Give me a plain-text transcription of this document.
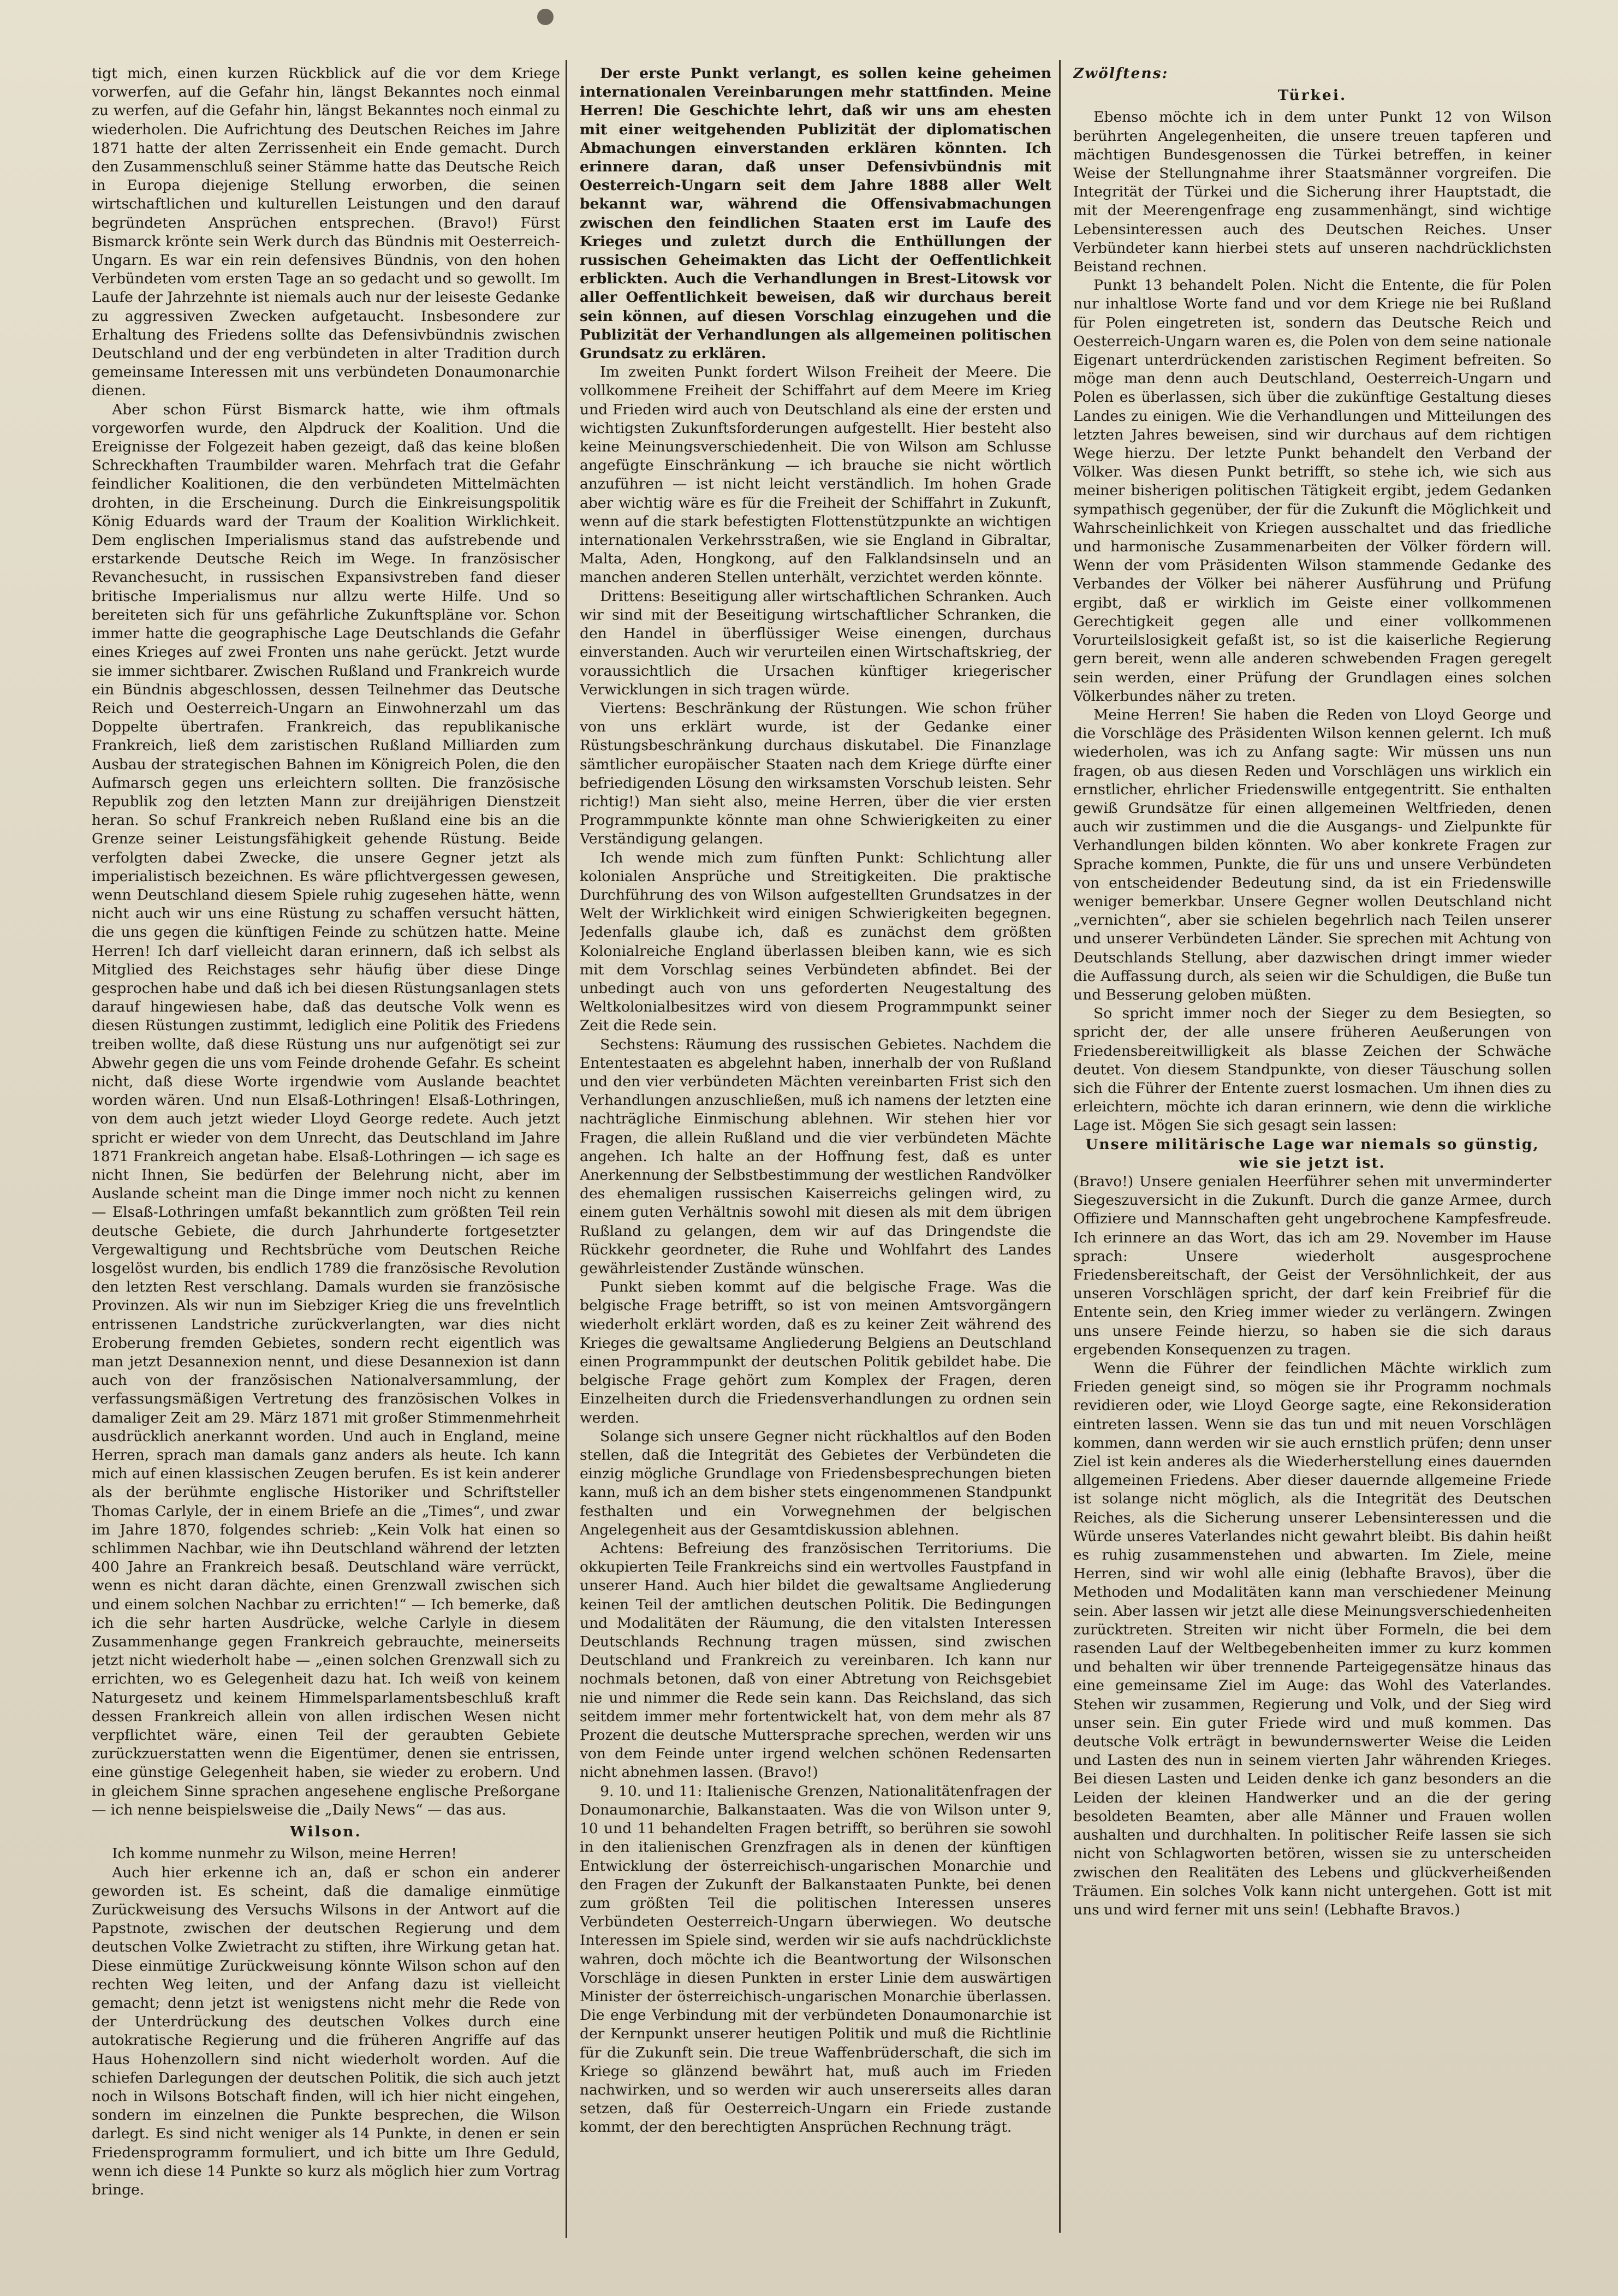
tigt mich, einen kurzen Rückblick auf die vor dem Kriege vorwerfen, auf die Gefahr hin, längst Bekanntes noch einmal zu werfen, auf die Gefahr hin, längst Bekanntes noch einmal zu wiederholen. Die Aufrichtung des Deutschen Reiches im Jahre 1871 hatte der alten Zerrissenheit ein Ende gemacht. Durch den Zusammenschluß seiner Stämme hatte das Deutsche Reich in Europa diejenige Stellung erworben, die seinen wirtschaftlichen und kulturellen Leistungen und den darauf begründeten Ansprüchen entsprechen. (Bravo!) Fürst Bismarck krönte sein Werk durch das Bündnis mit Oesterreich-Ungarn. Es war ein rein defensives Bündnis, von den hohen Verbündeten vom ersten Tage an so gedacht und so gewollt. Im Laufe der Jahrzehnte ist niemals auch nur der leiseste Gedanke zu aggressiven Zwecken aufgetaucht. Insbesondere zur Erhaltung des Friedens sollte das Defensivbündnis zwischen Deutschland und der eng verbündeten in alter Tradition durch gemeinsame Interessen mit uns verbündeten Donaumonarchie dienen.

Aber schon Fürst Bismarck hatte, wie ihm oftmals vorgeworfen wurde, den Alpdruck der Koalition. Und die Ereignisse der Folgezeit haben gezeigt, daß das keine bloßen Schreckhaften Traumbilder waren. Mehrfach trat die Gefahr feindlicher Koalitionen, die den verbündeten Mittelmächten drohten, in die Erscheinung. Durch die Einkreisungspolitik König Eduards ward der Traum der Koalition Wirklichkeit. Dem englischen Imperialismus stand das aufstrebende und erstarkende Deutsche Reich im Wege. In französischer Revanchesucht, in russischen Expansivstreben fand dieser britische Imperialismus nur allzu werte Hilfe. Und so bereiteten sich für uns gefährliche Zukunftspläne vor. Schon immer hatte die geographische Lage Deutschlands die Gefahr eines Krieges auf zwei Fronten uns nahe gerückt. Jetzt wurde sie immer sichtbarer. Zwischen Rußland und Frankreich wurde ein Bündnis abgeschlossen, dessen Teilnehmer das Deutsche Reich und Oesterreich-Ungarn an Einwohnerzahl um das Doppelte übertrafen. Frankreich, das republikanische Frankreich, ließ dem zaristischen Rußland Milliarden zum Ausbau der strategischen Bahnen im Königreich Polen, die den Aufmarsch gegen uns erleichtern sollten. Die französische Republik zog den letzten Mann zur dreijährigen Dienstzeit heran. So schuf Frankreich neben Rußland eine bis an die Grenze seiner Leistungsfähigkeit gehende Rüstung. Beide verfolgten dabei Zwecke, die unsere Gegner jetzt als imperialistisch bezeichnen. Es wäre pflichtvergessen gewesen, wenn Deutschland diesem Spiele ruhig zugesehen hätte, wenn nicht auch wir uns eine Rüstung zu schaffen versucht hätten, die uns gegen die künftigen Feinde zu schützen hatte. Meine Herren! Ich darf vielleicht daran erinnern, daß ich selbst als Mitglied des Reichstages sehr häufig über diese Dinge gesprochen habe und daß ich bei diesen Rüstungsanlagen stets darauf hingewiesen habe, daß das deutsche Volk wenn es diesen Rüstungen zustimmt, lediglich eine Politik des Friedens treiben wollte, daß diese Rüstung uns nur aufgenötigt sei zur Abwehr gegen die uns vom Feinde drohende Gefahr. Es scheint nicht, daß diese Worte irgendwie vom Auslande beachtet worden wären. Und nun Elsaß-Lothringen! Elsaß-Lothringen, von dem auch jetzt wieder Lloyd George redete. Auch jetzt spricht er wieder von dem Unrecht, das Deutschland im Jahre 1871 Frankreich angetan habe. Elsaß-Lothringen — ich sage es nicht Ihnen, Sie bedürfen der Belehrung nicht, aber im Auslande scheint man die Dinge immer noch nicht zu kennen — Elsaß-Lothringen umfaßt bekanntlich zum größten Teil rein deutsche Gebiete, die durch Jahrhunderte fortgesetzter Vergewaltigung und Rechtsbrüche vom Deutschen Reiche losgelöst wurden, bis endlich 1789 die französische Revolution den letzten Rest verschlang. Damals wurden sie französische Provinzen. Als wir nun im Siebziger Krieg die uns frevelntlich entrissenen Landstriche zurückverlangten, war dies nicht Eroberung fremden Gebietes, sondern recht eigentlich was man jetzt Desannexion nennt, und diese Desannexion ist dann auch von der französischen Nationalversammlung, der verfassungsmäßigen Vertretung des französischen Volkes in damaliger Zeit am 29. März 1871 mit großer Stimmenmehrheit ausdrücklich anerkannt worden. Und auch in England, meine Herren, sprach man damals ganz anders als heute. Ich kann mich auf einen klassischen Zeugen berufen. Es ist kein anderer als der berühmte englische Historiker und Schriftsteller Thomas Carlyle, der in einem Briefe an die „Times“, und zwar im Jahre 1870, folgendes schrieb: „Kein Volk hat einen so schlimmen Nachbar, wie ihn Deutschland während der letzten 400 Jahre an Frankreich besaß. Deutschland wäre verrückt, wenn es nicht daran dächte, einen Grenzwall zwischen sich und einem solchen Nachbar zu errichten!“ — Ich bemerke, daß ich die sehr harten Ausdrücke, welche Carlyle in diesem Zusammenhange gegen Frankreich gebrauchte, meinerseits jetzt nicht wiederholt habe — „einen solchen Grenzwall sich zu errichten, wo es Gelegenheit dazu hat. Ich weiß von keinem Naturgesetz und keinem Himmelsparlamentsbeschluß kraft dessen Frankreich allein von allen irdischen Wesen nicht verpflichtet wäre, einen Teil der geraubten Gebiete zurückzuerstatten wenn die Eigentümer, denen sie entrissen, eine günstige Gelegenheit haben, sie wieder zu erobern. Und in gleichem Sinne sprachen angesehene englische Preßorgane — ich nenne beispielsweise die „Daily News“ — das aus.

Wilson.

Ich komme nunmehr zu Wilson, meine Herren!

Auch hier erkenne ich an, daß er schon ein anderer geworden ist. Es scheint, daß die damalige einmütige Zurückweisung des Versuchs Wilsons in der Antwort auf die Papstnote, zwischen der deutschen Regierung und dem deutschen Volke Zwietracht zu stiften, ihre Wirkung getan hat. Diese einmütige Zurückweisung könnte Wilson schon auf den rechten Weg leiten, und der Anfang dazu ist vielleicht gemacht; denn jetzt ist wenigstens nicht mehr die Rede von der Unterdrückung des deutschen Volkes durch eine autokratische Regierung und die früheren Angriffe auf das Haus Hohenzollern sind nicht wiederholt worden. Auf die schiefen Darlegungen der deutschen Politik, die sich auch jetzt noch in Wilsons Botschaft finden, will ich hier nicht eingehen, sondern im einzelnen die Punkte besprechen, die Wilson darlegt. Es sind nicht weniger als 14 Punkte, in denen er sein Friedensprogramm formuliert, und ich bitte um Ihre Geduld, wenn ich diese 14 Punkte so kurz als möglich hier zum Vortrag bringe.

Der erste Punkt verlangt, es sollen keine geheimen internationalen Vereinbarungen mehr stattfinden. Meine Herren! Die Geschichte lehrt, daß wir uns am ehesten mit einer weitgehenden Publizität der diplomatischen Abmachungen einverstanden erklären könnten. Ich erinnere daran, daß unser Defensivbündnis mit Oesterreich-Ungarn seit dem Jahre 1888 aller Welt bekannt war, während die Offensivabmachungen zwischen den feindlichen Staaten erst im Laufe des Krieges und zuletzt durch die Enthüllungen der russischen Geheimakten das Licht der Oeffentlichkeit erblickten. Auch die Verhandlungen in Brest-Litowsk vor aller Oeffentlichkeit beweisen, daß wir durchaus bereit sein können, auf diesen Vorschlag einzugehen und die Publizität der Verhandlungen als allgemeinen politischen Grundsatz zu erklären.

Im zweiten Punkt fordert Wilson Freiheit der Meere. Die vollkommene Freiheit der Schiffahrt auf dem Meere im Krieg und Frieden wird auch von Deutschland als eine der ersten und wichtigsten Zukunftsforderungen aufgestellt. Hier besteht also keine Meinungsverschiedenheit. Die von Wilson am Schlusse angefügte Einschränkung — ich brauche sie nicht wörtlich anzuführen — ist nicht leicht verständlich. Im hohen Grade aber wichtig wäre es für die Freiheit der Schiffahrt in Zukunft, wenn auf die stark befestigten Flottenstützpunkte an wichtigen internationalen Verkehrsstraßen, wie sie England in Gibraltar, Malta, Aden, Hongkong, auf den Falklandsinseln und an manchen anderen Stellen unterhält, verzichtet werden könnte.

Drittens: Beseitigung aller wirtschaftlichen Schranken. Auch wir sind mit der Beseitigung wirtschaftlicher Schranken, die den Handel in überflüssiger Weise einengen, durchaus einverstanden. Auch wir verurteilen einen Wirtschaftskrieg, der voraussichtlich die Ursachen künftiger kriegerischer Verwicklungen in sich tragen würde.

Viertens: Beschränkung der Rüstungen. Wie schon früher von uns erklärt wurde, ist der Gedanke einer Rüstungsbeschränkung durchaus diskutabel. Die Finanzlage sämtlicher europäischer Staaten nach dem Kriege dürfte einer befriedigenden Lösung den wirksamsten Vorschub leisten. Sehr richtig!) Man sieht also, meine Herren, über die vier ersten Programmpunkte könnte man ohne Schwierigkeiten zu einer Verständigung gelangen.

Ich wende mich zum fünften Punkt: Schlichtung aller kolonialen Ansprüche und Streitigkeiten. Die praktische Durchführung des von Wilson aufgestellten Grundsatzes in der Welt der Wirklichkeit wird einigen Schwierigkeiten begegnen. Jedenfalls glaube ich, daß es zunächst dem größten Kolonialreiche England überlassen bleiben kann, wie es sich mit dem Vorschlag seines Verbündeten abfindet. Bei der unbedingt auch von uns geforderten Neugestaltung des Weltkolonialbesitzes wird von diesem Programmpunkt seiner Zeit die Rede sein.

Sechstens: Räumung des russischen Gebietes. Nachdem die Ententestaaten es abgelehnt haben, innerhalb der von Rußland und den vier verbündeten Mächten vereinbarten Frist sich den Verhandlungen anzuschließen, muß ich namens der letzten eine nachträgliche Einmischung ablehnen. Wir stehen hier vor Fragen, die allein Rußland und die vier verbündeten Mächte angehen. Ich halte an der Hoffnung fest, daß es unter Anerkennung der Selbstbestimmung der westlichen Randvölker des ehemaligen russischen Kaiserreichs gelingen wird, zu einem guten Verhältnis sowohl mit diesen als mit dem übrigen Rußland zu gelangen, dem wir auf das Dringendste die Rückkehr geordneter, die Ruhe und Wohlfahrt des Landes gewährleistender Zustände wünschen.

Punkt sieben kommt auf die belgische Frage. Was die belgische Frage betrifft, so ist von meinen Amtsvorgängern wiederholt erklärt worden, daß es zu keiner Zeit während des Krieges die gewaltsame Angliederung Belgiens an Deutschland einen Programmpunkt der deutschen Politik gebildet habe. Die belgische Frage gehört zum Komplex der Fragen, deren Einzelheiten durch die Friedensverhandlungen zu ordnen sein werden.

Solange sich unsere Gegner nicht rückhaltlos auf den Boden stellen, daß die Integrität des Gebietes der Verbündeten die einzig mögliche Grundlage von Friedensbesprechungen bieten kann, muß ich an dem bisher stets eingenommenen Standpunkt festhalten und ein Vorwegnehmen der belgischen Angelegenheit aus der Gesamtdiskussion ablehnen.

Achtens: Befreiung des französischen Territoriums. Die okkupierten Teile Frankreichs sind ein wertvolles Faustpfand in unserer Hand. Auch hier bildet die gewaltsame Angliederung keinen Teil der amtlichen deutschen Politik. Die Bedingungen und Modalitäten der Räumung, die den vitalsten Interessen Deutschlands Rechnung tragen müssen, sind zwischen Deutschland und Frankreich zu vereinbaren. Ich kann nur nochmals betonen, daß von einer Abtretung von Reichsgebiet nie und nimmer die Rede sein kann. Das Reichsland, das sich seitdem immer mehr fortentwickelt hat, von dem mehr als 87 Prozent die deutsche Muttersprache sprechen, werden wir uns von dem Feinde unter irgend welchen schönen Redensarten nicht abnehmen lassen. (Bravo!)

9. 10. und 11: Italienische Grenzen, Nationalitätenfragen der Donaumonarchie, Balkanstaaten. Was die von Wilson unter 9, 10 und 11 behandelten Fragen betrifft, so berühren sie sowohl in den italienischen Grenzfragen als in denen der künftigen Entwicklung der österreichisch-ungarischen Monarchie und den Fragen der Zukunft der Balkanstaaten Punkte, bei denen zum größten Teil die politischen Interessen unseres Verbündeten Oesterreich-Ungarn überwiegen. Wo deutsche Interessen im Spiele sind, werden wir sie aufs nachdrücklichste wahren, doch möchte ich die Beantwortung der Wilsonschen Vorschläge in diesen Punkten in erster Linie dem auswärtigen Minister der österreichisch-ungarischen Monarchie überlassen. Die enge Verbindung mit der verbündeten Donaumonarchie ist der Kernpunkt unserer heutigen Politik und muß die Richtlinie für die Zukunft sein. Die treue Waffenbrüderschaft, die sich im Kriege so glänzend bewährt hat, muß auch im Frieden nachwirken, und so werden wir auch unsererseits alles daran setzen, daß für Oesterreich-Ungarn ein Friede zustande kommt, der den berechtigten Ansprüchen Rechnung trägt.

Zwölftens:

Türkei.

Ebenso möchte ich in dem unter Punkt 12 von Wilson berührten Angelegenheiten, die unsere treuen tapferen und mächtigen Bundesgenossen die Türkei betreffen, in keiner Weise der Stellungnahme ihrer Staatsmänner vorgreifen. Die Integrität der Türkei und die Sicherung ihrer Hauptstadt, die mit der Meerengenfrage eng zusammenhängt, sind wichtige Lebensinteressen auch des Deutschen Reiches. Unser Verbündeter kann hierbei stets auf unseren nachdrücklichsten Beistand rechnen.

Punkt 13 behandelt Polen. Nicht die Entente, die für Polen nur inhaltlose Worte fand und vor dem Kriege nie bei Rußland für Polen eingetreten ist, sondern das Deutsche Reich und Oesterreich-Ungarn waren es, die Polen von dem seine nationale Eigenart unterdrückenden zaristischen Regiment befreiten. So möge man denn auch Deutschland, Oesterreich-Ungarn und Polen es überlassen, sich über die zukünftige Gestaltung dieses Landes zu einigen. Wie die Verhandlungen und Mitteilungen des letzten Jahres beweisen, sind wir durchaus auf dem richtigen Wege hierzu. Der letzte Punkt behandelt den Verband der Völker. Was diesen Punkt betrifft, so stehe ich, wie sich aus meiner bisherigen politischen Tätigkeit ergibt, jedem Gedanken sympathisch gegenüber, der für die Zukunft die Möglichkeit und Wahrscheinlichkeit von Kriegen ausschaltet und das friedliche und harmonische Zusammenarbeiten der Völker fördern will. Wenn der vom Präsidenten Wilson stammende Gedanke des Verbandes der Völker bei näherer Ausführung und Prüfung ergibt, daß er wirklich im Geiste einer vollkommenen Gerechtigkeit gegen alle und einer vollkommenen Vorurteilslosigkeit gefaßt ist, so ist die kaiserliche Regierung gern bereit, wenn alle anderen schwebenden Fragen geregelt sein werden, einer Prüfung der Grundlagen eines solchen Völkerbundes näher zu treten.

Meine Herren! Sie haben die Reden von Lloyd George und die Vorschläge des Präsidenten Wilson kennen gelernt. Ich muß wiederholen, was ich zu Anfang sagte: Wir müssen uns nun fragen, ob aus diesen Reden und Vorschlägen uns wirklich ein ernstlicher, ehrlicher Friedenswille entgegentritt. Sie enthalten gewiß Grundsätze für einen allgemeinen Weltfrieden, denen auch wir zustimmen und die die Ausgangs- und Zielpunkte für Verhandlungen bilden könnten. Wo aber konkrete Fragen zur Sprache kommen, Punkte, die für uns und unsere Verbündeten von entscheidender Bedeutung sind, da ist ein Friedenswille weniger bemerkbar. Unsere Gegner wollen Deutschland nicht „vernichten“, aber sie schielen begehrlich nach Teilen unserer und unserer Verbündeten Länder. Sie sprechen mit Achtung von Deutschlands Stellung, aber dazwischen dringt immer wieder die Auffassung durch, als seien wir die Schuldigen, die Buße tun und Besserung geloben müßten.

So spricht immer noch der Sieger zu dem Besiegten, so spricht der, der alle unsere früheren Aeußerungen von Friedensbereitwilligkeit als blasse Zeichen der Schwäche deutet. Von diesem Standpunkte, von dieser Täuschung sollen sich die Führer der Entente zuerst losmachen. Um ihnen dies zu erleichtern, möchte ich daran erinnern, wie denn die wirkliche Lage ist. Mögen Sie sich gesagt sein lassen:

Unsere militärische Lage war niemals so günstig,
wie sie jetzt ist.

(Bravo!) Unsere genialen Heerführer sehen mit unverminderter Siegeszuversicht in die Zukunft. Durch die ganze Armee, durch Offiziere und Mannschaften geht ungebrochene Kampfesfreude. Ich erinnere an das Wort, das ich am 29. November im Hause sprach: Unsere wiederholt ausgesprochene Friedensbereitschaft, der Geist der Versöhnlichkeit, der aus unseren Vorschlägen spricht, der darf kein Freibrief für die Entente sein, den Krieg immer wieder zu verlängern. Zwingen uns unsere Feinde hierzu, so haben sie die sich daraus ergebenden Konsequenzen zu tragen.

Wenn die Führer der feindlichen Mächte wirklich zum Frieden geneigt sind, so mögen sie ihr Programm nochmals revidieren oder, wie Lloyd George sagte, eine Rekonsideration eintreten lassen. Wenn sie das tun und mit neuen Vorschlägen kommen, dann werden wir sie auch ernstlich prüfen; denn unser Ziel ist kein anderes als die Wiederherstellung eines dauernden allgemeinen Friedens. Aber dieser dauernde allgemeine Friede ist solange nicht möglich, als die Integrität des Deutschen Reiches, als die Sicherung unserer Lebensinteressen und die Würde unseres Vaterlandes nicht gewahrt bleibt. Bis dahin heißt es ruhig zusammenstehen und abwarten. Im Ziele, meine Herren, sind wir wohl alle einig (lebhafte Bravos), über die Methoden und Modalitäten kann man verschiedener Meinung sein. Aber lassen wir jetzt alle diese Meinungsverschiedenheiten zurücktreten. Streiten wir nicht über Formeln, die bei dem rasenden Lauf der Weltbegebenheiten immer zu kurz kommen und behalten wir über trennende Parteigegensätze hinaus das eine gemeinsame Ziel im Auge: das Wohl des Vaterlandes. Stehen wir zusammen, Regierung und Volk, und der Sieg wird unser sein. Ein guter Friede wird und muß kommen. Das deutsche Volk erträgt in bewundernswerter Weise die Leiden und Lasten des nun in seinem vierten Jahr währenden Krieges. Bei diesen Lasten und Leiden denke ich ganz besonders an die Leiden der kleinen Handwerker und an die der gering besoldeten Beamten, aber alle Männer und Frauen wollen aushalten und durchhalten. In politischer Reife lassen sie sich nicht von Schlagworten betören, wissen sie zu unterscheiden zwischen den Realitäten des Lebens und glückverheißenden Träumen. Ein solches Volk kann nicht untergehen. Gott ist mit uns und wird ferner mit uns sein! (Lebhafte Bravos.)
